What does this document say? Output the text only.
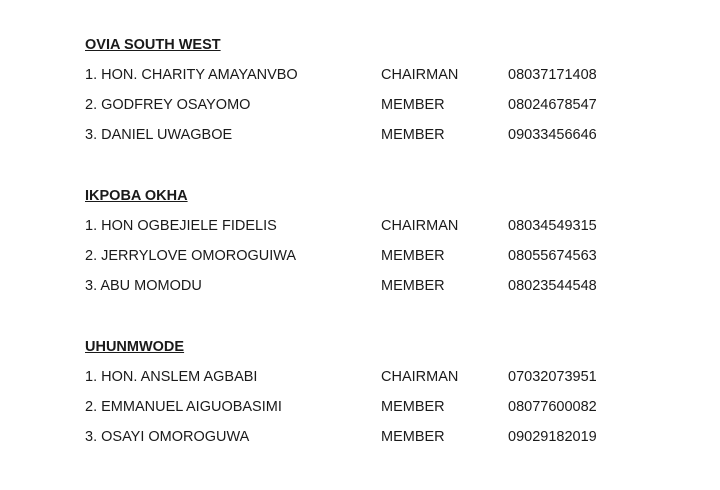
OVIA SOUTH WEST
1. HON. CHARITY AMAYANVBO	CHAIRMAN	08037171408
2. GODFREY OSAYOMO	MEMBER	08024678547
3. DANIEL UWAGBOE	MEMBER	09033456646
IKPOBA OKHA
1. HON OGBEJIELE FIDELIS	CHAIRMAN	08034549315
2. JERRYLOVE OMOROGUIWA	MEMBER	08055674563
3. ABU MOMODU	MEMBER	08023544548
UHUNMWODE
1. HON. ANSLEM AGBABI	CHAIRMAN	07032073951
2. EMMANUEL AIGUOBASIMI	MEMBER	08077600082
3. OSAYI OMOROGUWA	MEMBER	09029182019
